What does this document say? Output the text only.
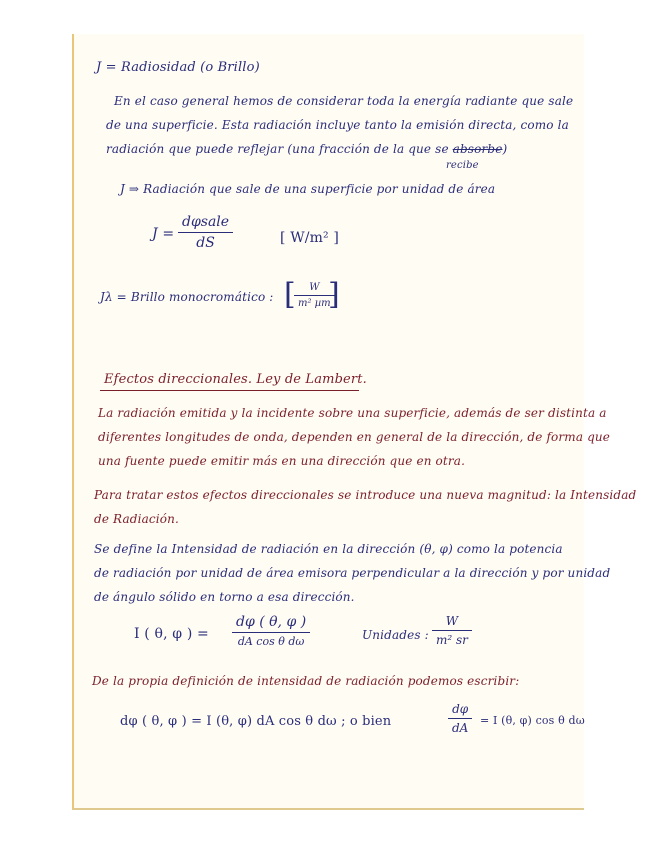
J = Radiosidad (o Brillo)
En el caso general hemos de considerar toda la energía radiante que sale
de una superficie. Esta radiación incluye tanto la emisión directa, como la
radiación que puede reflejar (una fracción de la que se absorbe)
recibe
J ⇒ Radiación que sale de una superficie por unidad de área
J =
dφsale
dS	[ W/m² ]
Jλ = Brillo monocromático : [	W
m² µm
]
Efectos direccionales. Ley de Lambert.
La radiación emitida y la incidente sobre una superficie, además de ser distinta a
diferentes longitudes de onda, dependen en general de la dirección, de forma que
una fuente puede emitir más en una dirección que en otra.
Para tratar estos efectos direccionales se introduce una nueva magnitud: la Intensidad
de Radiación.
Se define la Intensidad de radiación en la dirección (θ, φ) como la potencia
de radiación por unidad de área emisora perpendicular a la dirección y por unidad
de ángulo sólido en torno a esa dirección.
I ( θ, φ ) =
dφ ( θ, φ )
dA cos θ dω	Unidades :
W
m² sr
De la propia definición de intensidad de radiación podemos escribir:
dφ ( θ, φ ) = I (θ, φ) dA cos θ dω ; o bien
dφ
dA
= I (θ, φ) cos θ dω
